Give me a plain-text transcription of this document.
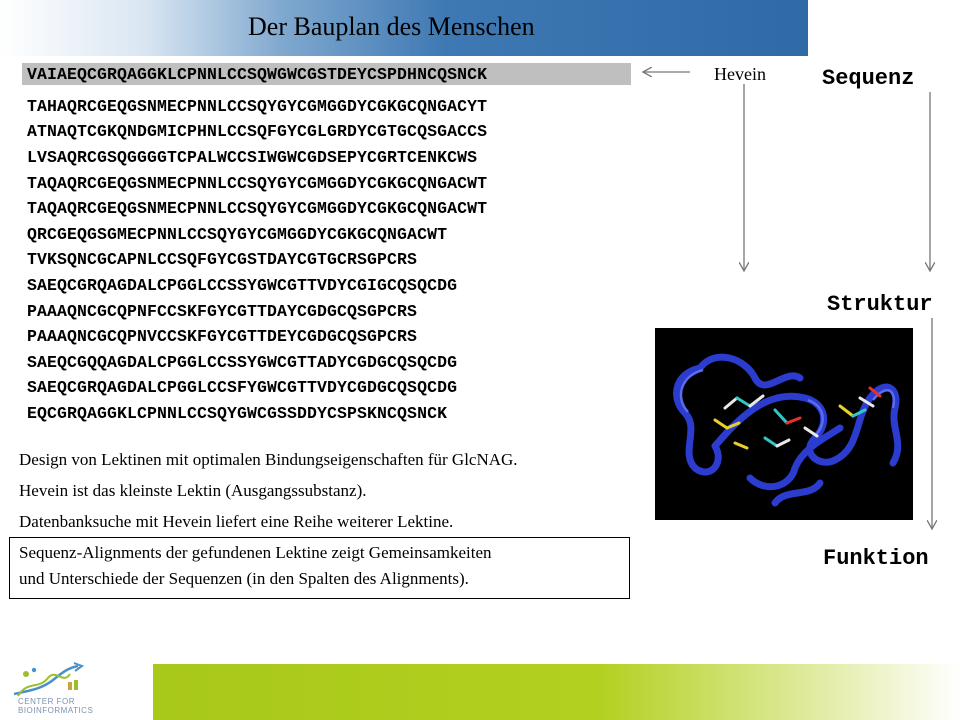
Der Bauplan des Menschen
VAIAEQCGRQAGGKLCPNNLCCSQWGWCGSTDEYCSPDHNCQSNCK
TAHAQRCGEQGSNMECPNNLCCSQYGYCGMGGDYCGKGCQNGACYT
ATNAQTCGKQNDGMICPHNLCCSQFGYCGLGRDYCGTGCQSGACCS
LVSAQRCGSQGGGGTCPALWCCSIWGWCGDSEPYCGRTCENKCWS
TAQAQRCGEQGSNMECPNNLCCSQYGYCGMGGDYCGKGCQNGACWT
TAQAQRCGEQGSNMECPNNLCCSQYGYCGMGGDYCGKGCQNGACWT
QRCGEQGSGMECPNNLCCSQYGYCGMGGDYCGKGCQNGACWT
TVKSQNCGCAPNLCCSQFGYCGSTDAYCGTGCRSGPCRS
SAEQCGRQAGDALCPGGLCCSSYGWCGTTVDYCGIGCQSQCDG
PAAAQNCGCQPNFCCSKFGYCGTTDAYCGDGCQSGPCRS
PAAAQNCGCQPNVCCSKFGYCGTTDEYCGDGCQSGPCRS
SAEQCGQQAGDALCPGGLCCSSYGWCGTTADYCGDGCQSQCDG
SAEQCGRQAGDALCPGGLCCSFYGWCGTTVDYCGDGCQSQCDG
EQCGRQAGGKLCPNNLCCSQYGWCGSSDDYCSPSKNCQSNCK
Hevein	Sequenz
Struktur
Funktion
Design von Lektinen mit optimalen Bindungseigenschaften für GlcNAG.
Hevein ist das kleinste Lektin (Ausgangssubstanz).
Datenbanksuche mit Hevein liefert eine Reihe weiterer Lektine.
Sequenz-Alignments der gefundenen Lektine zeigt Gemeinsamkeiten
und Unterschiede der Sequenzen (in den Spalten des Alignments).
CENTER FOR
BIOINFORMATICS
